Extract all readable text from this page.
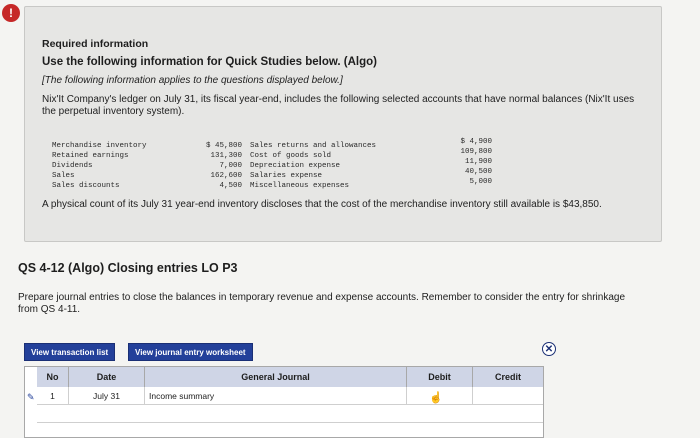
!
Required information
Use the following information for Quick Studies below. (Algo)
[The following information applies to the questions displayed below.]
Nix'It Company's ledger on July 31, its fiscal year-end, includes the following selected accounts that have normal balances (Nix'It uses the perpetual inventory system).
Merchandise inventory	$ 45,800 Sales returns and allowances	$ 4,900
Retained earnings	131,300 Cost of goods sold	109,800
Dividends	7,000 Depreciation expense	11,900
Sales	162,600 Salaries expense	40,500
Sales discounts	4,500 Miscellaneous expenses	5,000
A physical count of its July 31 year-end inventory discloses that the cost of the merchandise inventory still available is $43,850.
QS 4-12 (Algo) Closing entries LO P3
Prepare journal entries to close the balances in temporary revenue and expense accounts. Remember to consider the entry for shrinkage from QS 4-11.
View transaction list	View journal entry worksheet	✕
No	Date	General Journal	Debit	Credit
✎	1	July 31	Income summary	☝
